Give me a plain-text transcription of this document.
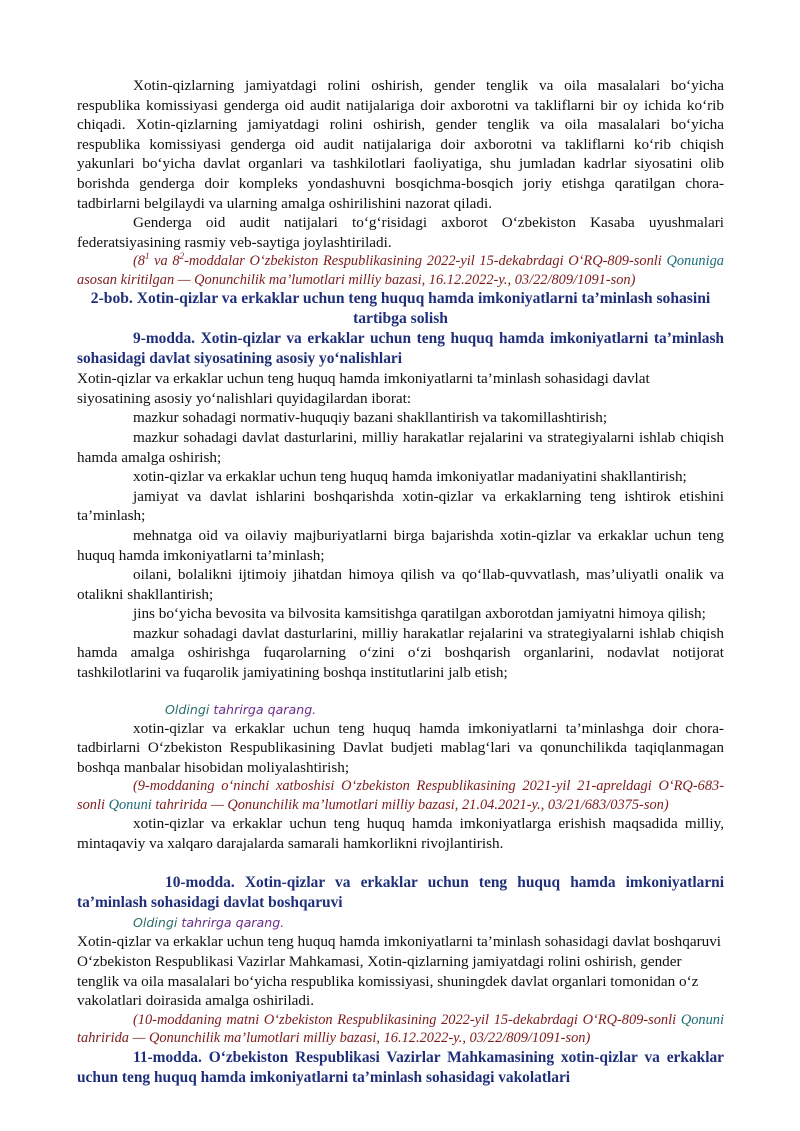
Xotin-qizlarning jamiyatdagi rolini oshirish, gender tenglik va oila masalalari bo‘yicha respublika komissiyasi genderga oid audit natijalariga doir axborotni va takliflarni bir oy ichida ko‘rib chiqadi. Xotin-qizlarning jamiyatdagi rolini oshirish, gender tenglik va oila masalalari bo‘yicha respublika komissiyasi genderga oid audit natijalariga doir axborotni va takliflarni ko‘rib chiqish yakunlari bo‘yicha davlat organlari va tashkilotlari faoliyatiga, shu jumladan kadrlar siyosatini olib borishda genderga doir kompleks yondashuvni bosqichma-bosqich joriy etishga qaratilgan chora-tadbirlarni belgilaydi va ularning amalga oshirilishini nazorat qiladi.

Genderga oid audit natijalari to‘g‘risidagi axborot O‘zbekiston Kasaba uyushmalari federatsiyasining rasmiy veb-saytiga joylashtiriladi.

($8^1$ va $8^2$-moddalar O‘zbekiston Respublikasining 2022-yil 15-dekabrdagi O‘RQ-809-sonli Qonuniga asosan kiritilgan — Qonunchilik ma’lumotlari milliy bazasi, 16.12.2022-y., 03/22/809/1091-son)

2-bob. Xotin-qizlar va erkaklar uchun teng huquq hamda imkoniyatlarni ta’minlash sohasini tartibga solish

9-modda. Xotin-qizlar va erkaklar uchun teng huquq hamda imkoniyatlarni ta’minlash sohasidagi davlat siyosatining asosiy yo‘nalishlari

Xotin-qizlar va erkaklar uchun teng huquq hamda imkoniyatlarni ta’minlash sohasidagi davlat siyosatining asosiy yo‘nalishlari quyidagilardan iborat:

mazkur sohadagi normativ-huquqiy bazani shakllantirish va takomillashtirish;

mazkur sohadagi davlat dasturlarini, milliy harakatlar rejalarini va strategiyalarni ishlab chiqish hamda amalga oshirish;

xotin-qizlar va erkaklar uchun teng huquq hamda imkoniyatlar madaniyatini shakllantirish;

jamiyat va davlat ishlarini boshqarishda xotin-qizlar va erkaklarning teng ishtirok etishini ta’minlash;

mehnatga oid va oilaviy majburiyatlarni birga bajarishda xotin-qizlar va erkaklar uchun teng huquq hamda imkoniyatlarni ta’minlash;

oilani, bolalikni ijtimoiy jihatdan himoya qilish va qo‘llab-quvvatlash, mas’uliyatli onalik va otalikni shakllantirish;

jins bo‘yicha bevosita va bilvosita kamsitishga qaratilgan axborotdan jamiyatni himoya qilish;

mazkur sohadagi davlat dasturlarini, milliy harakatlar rejalarini va strategiyalarni ishlab chiqish hamda amalga oshirishga fuqarolarning o‘zini o‘zi boshqarish organlarini, nodavlat notijorat tashkilotlarini va fuqarolik jamiyatining boshqa institutlarini jalb etish;

Oldingi tahrirga qarang.

xotin-qizlar va erkaklar uchun teng huquq hamda imkoniyatlarni ta’minlashga doir chora-tadbirlarni O‘zbekiston Respublikasining Davlat budjeti mablag‘lari va qonunchilikda taqiqlanmagan boshqa manbalar hisobidan moliyalashtirish;

(9-moddaning o‘ninchi xatboshisi O‘zbekiston Respublikasining 2021-yil 21-apreldagi O‘RQ-683-sonli Qonuni tahririda — Qonunchilik ma’lumotlari milliy bazasi, 21.04.2021-y., 03/21/683/0375-son)

xotin-qizlar va erkaklar uchun teng huquq hamda imkoniyatlarga erishish maqsadida milliy, mintaqaviy va xalqaro darajalarda samarali hamkorlikni rivojlantirish.

10-modda. Xotin-qizlar va erkaklar uchun teng huquq hamda imkoniyatlarni ta’minlash sohasidagi davlat boshqaruvi

Oldingi tahrirga qarang.

Xotin-qizlar va erkaklar uchun teng huquq hamda imkoniyatlarni ta’minlash sohasidagi davlat boshqaruvi O‘zbekiston Respublikasi Vazirlar Mahkamasi, Xotin-qizlarning jamiyatdagi rolini oshirish, gender tenglik va oila masalalari bo‘yicha respublika komissiyasi, shuningdek davlat organlari tomonidan o‘z vakolatlari doirasida amalga oshiriladi.

(10-moddaning matni O‘zbekiston Respublikasining 2022-yil 15-dekabrdagi O‘RQ-809-sonli Qonuni tahririda — Qonunchilik ma’lumotlari milliy bazasi, 16.12.2022-y., 03/22/809/1091-son)

11-modda. O‘zbekiston Respublikasi Vazirlar Mahkamasining xotin-qizlar va erkaklar uchun teng huquq hamda imkoniyatlarni ta’minlash sohasidagi vakolatlari
